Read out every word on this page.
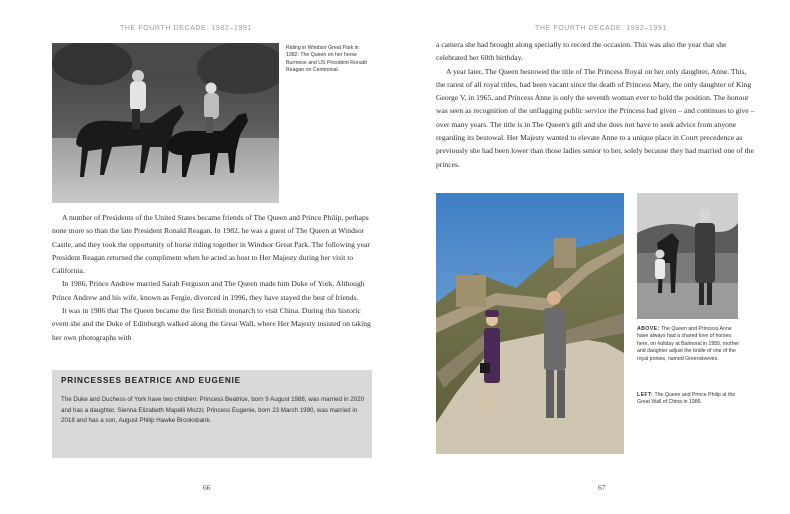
THE FOURTH DECADE: 1982–1991
Riding in Windsor Great Park in 1982: The Queen on her horse Burmese and US President Ronald Reagan on Centennial.

A number of Presidents of the United States became friends of The Queen and Prince Philip, perhaps none more so than the late President Ronald Reagan. In 1982, he was a guest of The Queen at Windsor Castle, and they took the opportunity of horse riding together in Windsor Great Park. The following year President Reagan returned the compliment when he acted as host to Her Majesty during her visit to California.

In 1986, Prince Andrew married Sarah Ferguson and The Queen made him Duke of York. Although Prince Andrew and his wife, known as Fergie, divorced in 1996, they have stayed the best of friends.

It was in 1986 that The Queen became the first British monarch to visit China. During this historic event she and the Duke of Edinburgh walked along the Great Wall, where Her Majesty insisted on taking her own photographs with

PRINCESSES BEATRICE AND EUGENIE
The Duke and Duchess of York have two children: Princess Beatrice, born 9 August 1988, was married in 2020 and has a daughter, Sienna Elizabeth Mapelli Mozzi; Princess Eugenie, born 23 March 1990, was married in 2018 and has a son, August Philip Hawke Brooksbank.
66
THE FOURTH DECADE: 1982–1991

a camera she had brought along specially to record the occasion. This was also the year that she celebrated her 60th birthday.

A year later, The Queen bestowed the title of The Princess Royal on her only daughter, Anne. This, the rarest of all royal titles, had been vacant since the death of Princess Mary, the only daughter of King George V, in 1965, and Princess Anne is only the seventh woman ever to hold the position. The honour was seen as recognition of the unflagging public service the Princess had given – and continues to give – over many years. The title is in The Queen's gift and she does not have to seek advice from anyone regarding its bestowal. Her Majesty wanted to elevate Anne to a unique place in Court precedence as previously she had been lower than those ladies senior to her, solely because they had married one of the princes.

ABOVE: The Queen and Princess Anne have always had a shared love of horses: here, on holiday at Balmoral in 1955, mother and daughter adjust the bridle of one of the royal ponies, named Greensleeves.
LEFT: The Queen and Prince Philip at the Great Wall of China in 1986.
67
